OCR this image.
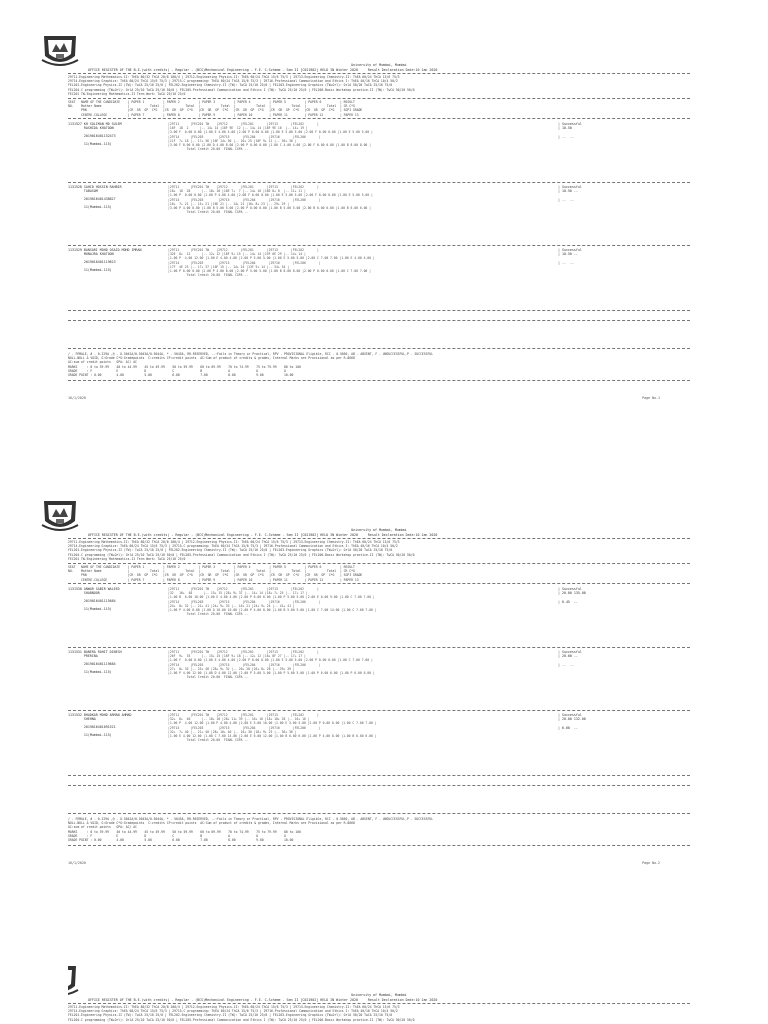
University of Mumbai, Mumbai
OFFICE REGISTER OF THE B.E.(with credits) - Regular - (BCS)Mechanical Engineering - F.E. C-Scheme - Sem II [C021902] HELD IN Winter 2020     Result Declaration Date:10 Jan 2020
29711-Engineering Mathematics-II: ThEA 80/32 ThCA 20/8 100/4 | 29712-Engineering Physics-II: ThEA 60/24 ThCA 15/6 75/3 | 29713-Engineering Chemistry-II: ThEA 60/24 ThCA 15/6 75/3
29714-Engineering Graphics: ThEA 60/24 ThCA 15/6 75/3 | 29715-C programming: ThEA 60/24 ThCA 15/6 75/3 | 29716-Professional Communication and Ethics I: ThEA 40/16 ThCA 10/4 50/2
FEL201-Engineering Physics-II (TW): TwCA 25/10 25/0 | FEL202-Engineering Chemistry-II (TW): TwCA 25/10 25/0 | FEL203-Engineering Graphics (TW+Orl): OrlA 50/20 TwCA 25/10 75/0
FEL204-C programming (TW+Orl): OrlA 25/10 TwCA 25/10 50/0 | FEL205-Professional Communication and Ethics I (TW): TwCA 25/10 25/0 | FEL206-Basic Workshop practice-II (TW): TwCA 50/20 50/0
FEC201 TW-Engineering Mathematics-II Term Work: TwCA 25/10 25/0
SEAT   NAME OF THE CANDIDATE    | PAPER 1          | PAPER 2          | PAPER 3          | PAPER 4          | PAPER 5          | PAPER 6          | RESULT
NO.    Mother Name              |           Total  |           Total  |           Total  |           Total  |           Total  |           Total  | CR C*G
PRN                      |CR  GR  GP  C*G   |CR  GR  GP  C*G   |CR  GR  GP  C*G   |CR  GR  GP  C*G   |CR  GR  GP  C*G   |CR  GR  GP  C*G   | SGPI GRADE
CENTRE-COLLEGE           | PAPER 7          | PAPER 8          | PAPER 9          | PAPER 10         | PAPER 11         | PAPER 12         | PAPER 13
1131527 KH SOLIMAN MD SULEM
RASHIDA KHATOON

2019016401152473

11(Mumbai-115)
|29711      |FEC201 TW    |29712       |FEL201       |29713       |FEL202       |
|18F  18  2      |-- 14+ 14 |18F 9E  12 |-- 14+ 14 |18F 9E 16  |-- 14+ 19 |
|3.00 F  0.00 0.00 |1.00 E 4.00 4.00 |2.00 P 0.00 0.00 |1.00 E 5.00 5.00 |2.00 F 0.00 0.00 |1.00 E 5.00 5.00 |
|29714      |FEL203        |29715       |FEL204       |29716       |FEL206       |
|11F  7+ 18 |-- 17+ 36 |16F 14+ 30 |-- 10+ 25 |10F 9+ 11 |-- 36+ 36 |
|3.00 F 0.00 0.00 |2.00 D 4.00 8.00 |2.00 P 0.00 0.00 |1.00 C 4.00 4.00 |2.00 F 0.00 0.00 |1.00 B 8.00 8.00 |
Total Credit 20.00  FINAL CGPA --
| Successful
| 10.50

| --  --
1131528 SAHID HOSSIN RAHBIR
TABASUM

2019016401438827

11(Mumbai-115)
|29711      |FEC201 TW    |29712       |FEL201       |29713       |FEL202       |
|18+  18  28      |-- 18+ 18 |18E 7+  7 |-- 14+ 16 |18E 8+ 8  |-- 11+ 11 |
|1.00 P  0.00 0.00 |1.00 P 4.00 4.00 |2.00 F 0.00 0.00 |1.00 E 5.00 5.00 |2.00 F 0.00 0.00 |1.00 E 5.00 5.00 |
|29714      |FEL203        |29715       |FEL204       |29716       |FEL206       |
|16+  7+ 21 |-- 15+ 21 |16E 21 |-- 14+ 21 |16+ 8+ 23 |-- 29+ 29 |
|3.00 P 4.00 8.00 |1.00 B 5.00 5.00 |2.00 P 0.00 0.00 |1.00 B 5.00 5.00 |2.00 B 6.00 6.00 |1.00 B 6.00 6.00 |
Total Credit 20.00  FINAL CGPA --
| Successful
| 10.50 --

| --  --
1131529 BANSARI MOHD OSAID MOHD IMRAN
MUNAJRA KHATOON

2019016401119623

11(Mumbai-115)
|29711      |FEC201 TW    |29712       |FEL201       |29713       |FEL202       |
|32E  8+  12      |-- 12+ 12 |18F 9+ 15 |-- 14+ 14 |19F 0E 29 |-- 14+ 14 |
|1.00 P  4.00 12.00 |1.00 E 4.00 4.00 |2.00 P 5.00 5.00 |1.00 E 5.00 5.00 |2.00 C 7.00 7.00 |1.00 E 4.00 4.00 |
|29714      |FEL203        |29715       |FEL204       |29716       |FEL206       |
|17F  4E 23 |-- 17+ 37 |16F 15 |-- 14+ 24 |13F 9+ 14 |-- 34+ 34 |
|1.00 P 0.00 0.00 |2.00 P 4.00 8.00 |2.00 P 5.00 5.00 |1.00 B 8.00 8.00 |2.00 P 0.00 0.00 |1.00 C 7.00 7.00 |
Total Credit 20.00  FINAL CGPA --
| Successful
| 10.50 --

| --  --
/ - FEMALE, # - 0.229A ,@ - O.5042A/0.5043A/O.5044A, * - 5045A, RR-RESERVED, --:Fails in Theory or Practical, RPV - PROVISIONAL Eligible, RCC - 0.5050, AB - ABSENT, F - UNSUCCESSFUL,P - SUCCESSFUL
NULL-NULL & VOID, G:Grade C*G:Gradepoints  C:credits CP:credit points  AC:Sum of product of credits & grades, Internal Marks are Provisional as per R.8668
AC:sum of credit points   GPA: AC/ AC
MARKS     : 0 to 39.99    40 to 44.99    45 to 49.99    50 to 59.99    60 to 69.99    70 to 74.99    75 to 79.99    80 to 100
GRADE     : F             E              D              C              B              A              O              O
GRADE POINT : 0.00        4.00           5.00           6.00           7.00           8.00           9.00           10.00
16/1/2020	Page No.1
University of Mumbai, Mumbai
OFFICE REGISTER OF THE B.E.(with credits) - Regular - (BCS)Mechanical Engineering - F.E. C-Scheme - Sem II [C021902] HELD IN Winter 2020     Result Declaration Date:10 Jan 2020
29711-Engineering Mathematics-II: ThEA 80/32 ThCA 20/8 100/4 | 29712-Engineering Physics-II: ThEA 60/24 ThCA 15/6 75/3 | 29713-Engineering Chemistry-II: ThEA 60/24 ThCA 15/6 75/3
29714-Engineering Graphics: ThEA 60/24 ThCA 15/6 75/3 | 29715-C programming: ThEA 60/24 ThCA 15/6 75/3 | 29716-Professional Communication and Ethics I: ThEA 40/16 ThCA 10/4 50/2
FEL201-Engineering Physics-II (TW): TwCA 25/10 25/0 | FEL202-Engineering Chemistry-II (TW): TwCA 25/10 25/0 | FEL203-Engineering Graphics (TW+Orl): OrlA 50/20 TwCA 25/10 75/0
FEL204-C programming (TW+Orl): OrlA 25/10 TwCA 25/10 50/0 | FEL205-Professional Communication and Ethics I (TW): TwCA 25/10 25/0 | FEL206-Basic Workshop practice-II (TW): TwCA 50/20 50/0
FEC201 TW-Engineering Mathematics-II Term Work: TwCA 25/10 25/0
SEAT   NAME OF THE CANDIDATE    | PAPER 1          | PAPER 2          | PAPER 3          | PAPER 4          | PAPER 5          | PAPER 6          | RESULT
NO.    Mother Name              |           Total  |           Total  |           Total  |           Total  |           Total  |           Total  | CR C*G
PRN                      |CR  GR  GP  C*G   |CR  GR  GP  C*G   |CR  GR  GP  C*G   |CR  GR  GP  C*G   |CR  GR  GP  C*G   |CR  GR  GP  C*G   | SGPI GRADE
CENTRE-COLLEGE           | PAPER 7          | PAPER 8          | PAPER 9          | PAPER 10         | PAPER 11         | PAPER 12         | PAPER 13
1131530 ANWAR SABIR WALEED
SHABNOOR

2019016401115684

11(Mumbai-115)
|29711      |FEC201 TW    |29712       |FEL201       |29713       |FEL202       |
|32   16+  48      |-- 15+ 15 |28+ 9+ 37 |-- 14+ 14 |18+ 7+ 25 |-- 17+ 17 |
|1.00 B  6.00 18.00 |1.00 E 4.00 4.00 |2.00 P 6.00 6.00 |1.00 P 5.00 5.00 |2.00 E 6.00 9.00 |1.00 C 7.00 7.00 |
|29714      |FEL203        |29715       |FEL204       |29716       |FEL206       |
|24+  8+ 32 |-- 21+ 41 |24+ 9+ 33 |-- 16+ 21 |24+ 9+ 24 |-- 41+ 41 |
|1.00 P 4.00 8.00 |1.00 O 10.00 10.00 |2.00 P 4.00 8.00 |1.00 B 5.00 5.00 |1.00 C 7.00 14.00 |1.00 C 7.00 7.00 |
Total Credit 20.00  FINAL CGPA --
| Successful
| 20.00 135.00

| 6.45  --
1131531 BANERA ROHIT DINESH
PRERINA

2019016401119684

11(Mumbai-115)
|29711      |FEC201 TW    |29712       |FEL201       |29713       |FEL202       |
|26F  9+  35      |-- 15+ 15 |18F 9+ 18 |-- 12+ 12 |16+ 8F 27 |-- 17+ 17 |
|1.00 F  0.00 0.00 |1.00 E 4.00 4.00 |2.00 P 0.00 0.00 |1.00 E 5.00 5.00 |2.00 P 0.00 0.00 |1.00 C 7.00 7.00 |
|29714      |FEL203        |29715       |FEL204       |29716       |FEL206       |
|27+  8+ 35 |-- 25+ 48 |28+ 9+ 32 |-- 20+ 28 |26+ 8+ 28 |-- 39+ 39 |
|1.00 P 4.00 12.00 |1.00 D 4.00 12.00 |2.00 P 5.00 5.00 |1.00 P 5.00 5.00 |1.00 P 6.00 6.00 |1.00 P 6.00 6.00 |
Total Credit 20.00  FINAL CGPA --
| Successful
| 20.00 --

| --  --
1131532 BHADKAR MOHD ARMAN AHMAD
SHEHNA

2019016401091521

11(Mumbai-115)
|29711      |FEC201 TW    |29712       |FEL201       |29713       |FEL202       |
|32+  8+  40      |-- 18+ 18 |28+ 11+ 39 |-- 16+ 16 |18+ 10+ 28 |-- 16+ 16 |
|1.00 P  4.00 12.00 |1.00 P 4.00 4.00 |2.00 E 5.00 10.00 |1.00 E 5.00 5.00 |2.00 P 0.00 0.00 |1.00 C 7.00 7.00 |
|29714      |FEL203        |29715       |FEL204       |29716       |FEL206       |
|32+  7+ 40 |-- 21+ 40 |28+ 10+ 40 |-- 16+ 30 |18+ 9+ 23 |-- 36+ 36 |
|1.00 E 4.00 12.00 |1.00 C 7.00 14.00 |2.00 E 6.00 12.00 |1.00 B 6.00 6.00 |2.00 P 4.00 8.00 |1.00 B 6.00 6.00 |
Total Credit 20.00  FINAL CGPA --
| Successful
| 20.00 132.00

| 6.60  --
/ - FEMALE, # - 0.229A ,@ - O.5042A/0.5043A/O.5044A, * - 5045A, RR-RESERVED, --:Fails in Theory or Practical, RPV - PROVISIONAL Eligible, RCC - 0.5050, AB - ABSENT, F - UNSUCCESSFUL,P - SUCCESSFUL
NULL-NULL & VOID, G:Grade C*G:Gradepoints  C:credits CP:credit points  AC:Sum of product of credits & grades, Internal Marks are Provisional as per R.8668
AC:sum of credit points   GPA: AC/ AC
MARKS     : 0 to 39.99    40 to 44.99    45 to 49.99    50 to 59.99    60 to 69.99    70 to 74.99    75 to 79.99    80 to 100
GRADE     : F             E              D              C              B              A              O              O
GRADE POINT : 0.00        4.00           5.00           6.00           7.00           8.00           9.00           10.00
16/1/2020	Page No.2
University of Mumbai, Mumbai
OFFICE REGISTER OF THE B.E.(with credits) - Regular - (BCS)Mechanical Engineering - F.E. C-Scheme - Sem II [C021902] HELD IN Winter 2020     Result Declaration Date:10 Jan 2020
29711-Engineering Mathematics-II: ThEA 80/32 ThCA 20/8 100/4 | 29712-Engineering Physics-II: ThEA 60/24 ThCA 15/6 75/3 | 29713-Engineering Chemistry-II: ThEA 60/24 ThCA 15/6 75/3
29714-Engineering Graphics: ThEA 60/24 ThCA 15/6 75/3 | 29715-C programming: ThEA 60/24 ThCA 15/6 75/3 | 29716-Professional Communication and Ethics I: ThEA 40/16 ThCA 10/4 50/2
FEL201-Engineering Physics-II (TW): TwCA 25/10 25/0 | FEL202-Engineering Chemistry-II (TW): TwCA 25/10 25/0 | FEL203-Engineering Graphics (TW+Orl): OrlA 50/20 TwCA 25/10 75/0
FEL204-C programming (TW+Orl): OrlA 25/10 TwCA 25/10 50/0 | FEL205-Professional Communication and Ethics I (TW): TwCA 25/10 25/0 | FEL206-Basic Workshop practice-II (TW): TwCA 50/20 50/0
